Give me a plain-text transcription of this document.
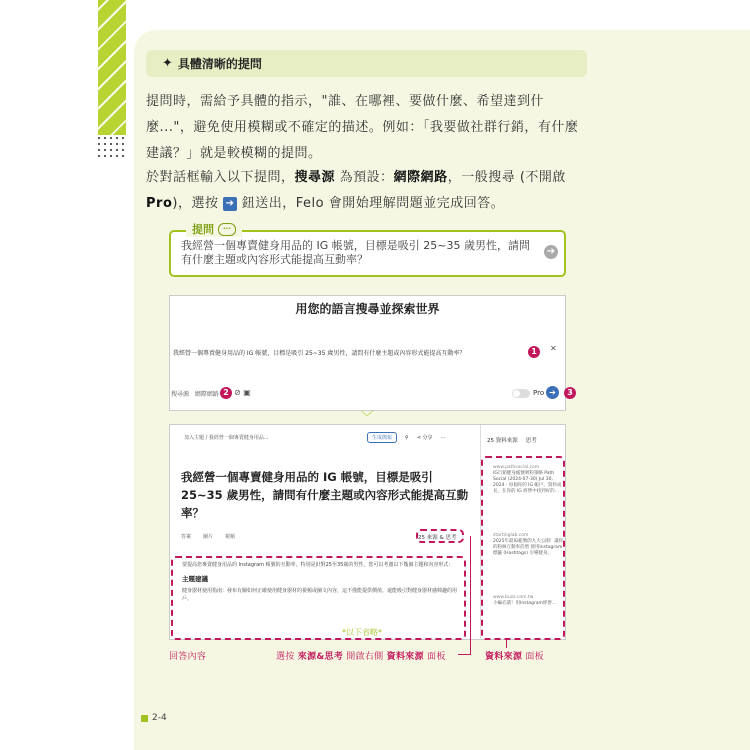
✦ 具體清晰的提問
提問時，需給予具體的指示，"誰、在哪裡、要做什麼、希望達到什麼..."，避免使用模糊或不確定的描述。例如：「我要做社群行銷，有什麼建議？」就是較模糊的提問。
於對話框輸入以下提問，搜尋源 為預設：網際網路，一般搜尋 (不開啟 Pro)，選按 ➔ 鈕送出，Felo 會開始理解問題並完成回答。
我經營一個專賣健身用品的 IG 帳號，目標是吸引 25~35 歲男性，請問有什麼主題或內容形式能提高互動率？
➔
提問	···
用您的語言搜尋並探索世界
我經營一個專賣健身用品的 IG 帳號，目標是吸引 25~35 歲男性，請問有什麼主題或內容形式能提高互動率？	1	✕
搜尋源 網際網路 2 ⊘ ▣	Pro ➔	3
﹀
加入主題 / 我經營一個專賣健身用品...	生成簡報	⚲ ⋖ 分享 ···
我經營一個專賣健身用品的 IG 帳號，目標是吸引 25~35 歲男性，請問有什麼主題或內容形式能提高互動率？
答案 圖片 視頻	25 來源 & 思考
要提高您專賣健身用品的 Instagram 帳號的互動率，特別是針對25至35歲的男性，您可以考慮以下幾個主題和內容形式：
主題建議
健身器材使用指南：發布有關如何正確使用健身器材的視頻或圖文內容，這不僅能提供價值，還能吸引對健身器材感興趣的用戶。
25 資料來源 思考
www.pathsocial.com
IG行銷健身帳號吸粉策略 Path Social (2024-07-30) Jul 30, 2024 · 每個你的 IG 帳戶、資料成長，在你的 IG 經營中找到好的...
startinglab.com
2025年最IG帳號的九大公開！讓你的粉絲互動率倍增 使用Instagram標籤 (Hashtags) 引導健身。
www.buzz.com.tw
小編必讀！用Instagram經營...
*以下省略*
回答內容	選按 來源&思考 開啟右側 資料來源 面板	資料來源 面板
2-4
